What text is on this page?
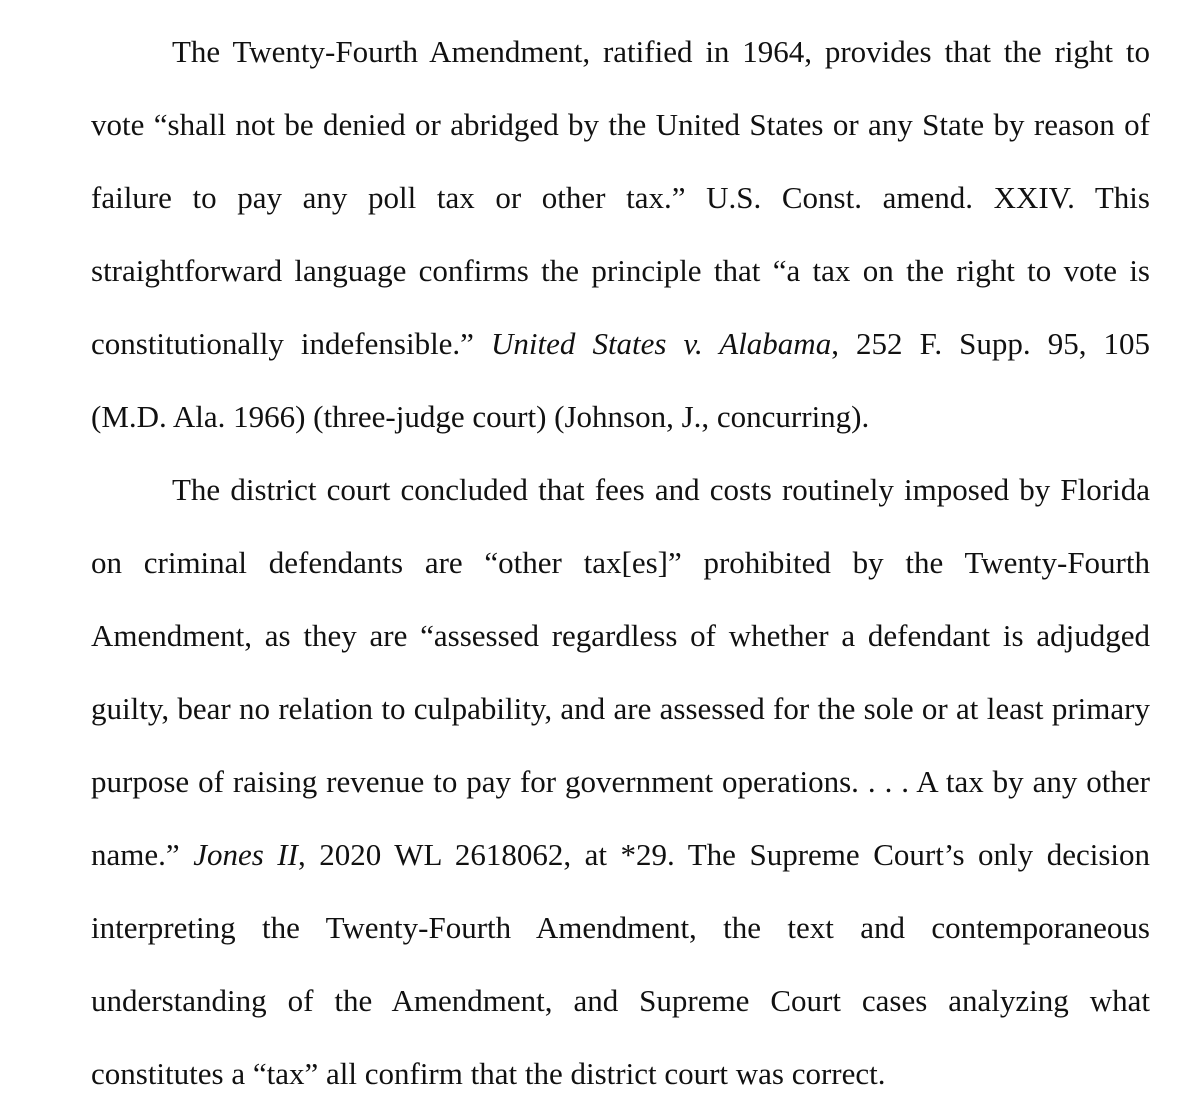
The Twenty-Fourth Amendment, ratified in 1964, provides that the right to

vote “shall not be denied or abridged by the United States or any State by reason of

failure to pay any poll tax or other tax.” U.S. Const. amend. XXIV. This

straightforward language confirms the principle that “a tax on the right to vote is

constitutionally indefensible.” United States v. Alabama, 252 F. Supp. 95, 105

(M.D. Ala. 1966) (three-judge court) (Johnson, J., concurring).

The district court concluded that fees and costs routinely imposed by Florida

on criminal defendants are “other tax[es]” prohibited by the Twenty-Fourth

Amendment, as they are “assessed regardless of whether a defendant is adjudged

guilty, bear no relation to culpability, and are assessed for the sole or at least primary

purpose of raising revenue to pay for government operations. . . . A tax by any other

name.” Jones II, 2020 WL 2618062, at *29. The Supreme Court’s only decision

interpreting the Twenty-Fourth Amendment, the text and contemporaneous

understanding of the Amendment, and Supreme Court cases analyzing what

constitutes a “tax” all confirm that the district court was correct.
